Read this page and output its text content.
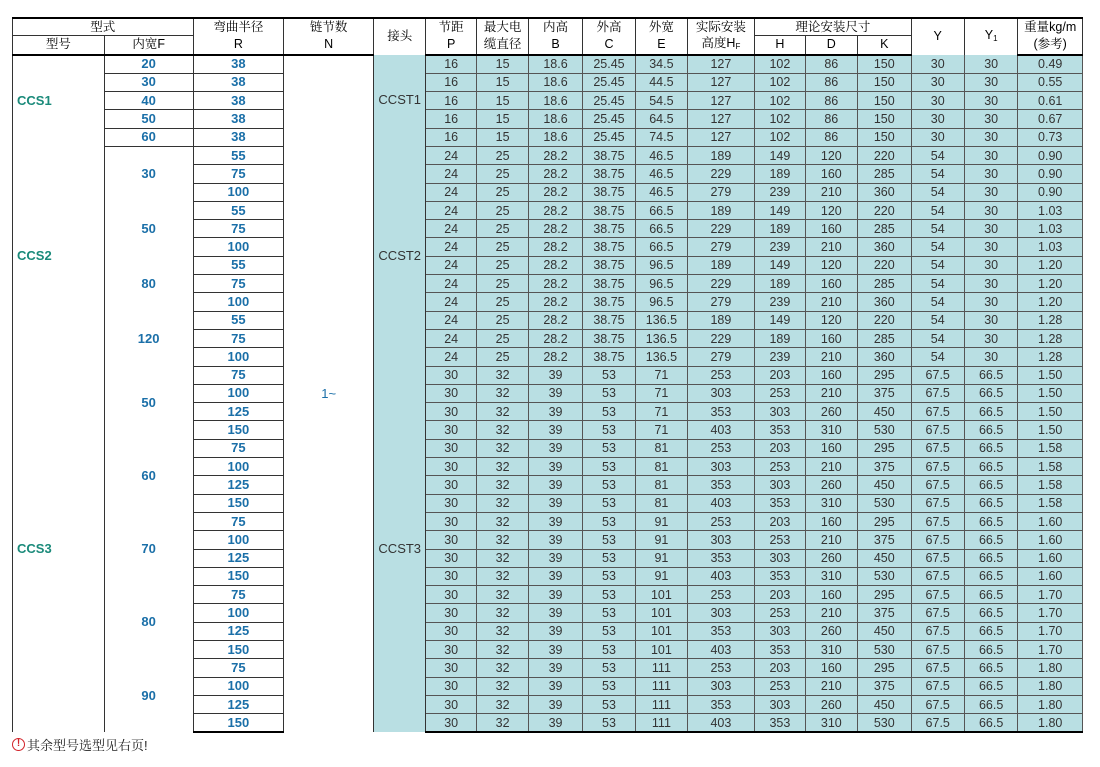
型式		弯曲半径	链节数	接头	节距	最大电	内高	外高	外宽	实际安装	理论安装尺寸			Y	$Y_1$	重量kg/m
型号	内宽F	R	N		P	缆直径	B	C	E	高度$H_F$	H	D	K			(参考)
CCS1	20	38	1~	CCST1	16	15	18.6	25.45	34.5	127	102	86	150	30	30	0.49
	30	38			16	15	18.6	25.45	44.5	127	102	86	150	30	30	0.55
	40	38			16	15	18.6	25.45	54.5	127	102	86	150	30	30	0.61
	50	38			16	15	18.6	25.45	64.5	127	102	86	150	30	30	0.67
	60	38			16	15	18.6	25.45	74.5	127	102	86	150	30	30	0.73
CCS2	30	55		CCST2	24	25	28.2	38.75	46.5	189	149	120	220	54	30	0.90
		75			24	25	28.2	38.75	46.5	229	189	160	285	54	30	0.90
		100			24	25	28.2	38.75	46.5	279	239	210	360	54	30	0.90
	50	55			24	25	28.2	38.75	66.5	189	149	120	220	54	30	1.03
		75			24	25	28.2	38.75	66.5	229	189	160	285	54	30	1.03
		100			24	25	28.2	38.75	66.5	279	239	210	360	54	30	1.03
	80	55			24	25	28.2	38.75	96.5	189	149	120	220	54	30	1.20
		75			24	25	28.2	38.75	96.5	229	189	160	285	54	30	1.20
		100			24	25	28.2	38.75	96.5	279	239	210	360	54	30	1.20
	120	55			24	25	28.2	38.75	136.5	189	149	120	220	54	30	1.28
		75			24	25	28.2	38.75	136.5	229	189	160	285	54	30	1.28
		100			24	25	28.2	38.75	136.5	279	239	210	360	54	30	1.28
CCS3	50	75		CCST3	30	32	39	53	71	253	203	160	295	67.5	66.5	1.50
		100			30	32	39	53	71	303	253	210	375	67.5	66.5	1.50
		125			30	32	39	53	71	353	303	260	450	67.5	66.5	1.50
		150			30	32	39	53	71	403	353	310	530	67.5	66.5	1.50
	60	75			30	32	39	53	81	253	203	160	295	67.5	66.5	1.58
		100			30	32	39	53	81	303	253	210	375	67.5	66.5	1.58
		125			30	32	39	53	81	353	303	260	450	67.5	66.5	1.58
		150			30	32	39	53	81	403	353	310	530	67.5	66.5	1.58
	70	75			30	32	39	53	91	253	203	160	295	67.5	66.5	1.60
		100			30	32	39	53	91	303	253	210	375	67.5	66.5	1.60
		125			30	32	39	53	91	353	303	260	450	67.5	66.5	1.60
		150			30	32	39	53	91	403	353	310	530	67.5	66.5	1.60
	80	75			30	32	39	53	101	253	203	160	295	67.5	66.5	1.70
		100			30	32	39	53	101	303	253	210	375	67.5	66.5	1.70
		125			30	32	39	53	101	353	303	260	450	67.5	66.5	1.70
		150			30	32	39	53	101	403	353	310	530	67.5	66.5	1.70
	90	75			30	32	39	53	111	253	203	160	295	67.5	66.5	1.80
		100			30	32	39	53	111	303	253	210	375	67.5	66.5	1.80
		125			30	32	39	53	111	353	303	260	450	67.5	66.5	1.80
		150			30	32	39	53	111	403	353	310	530	67.5	66.5	1.80
! 其余型号选型见右页!
